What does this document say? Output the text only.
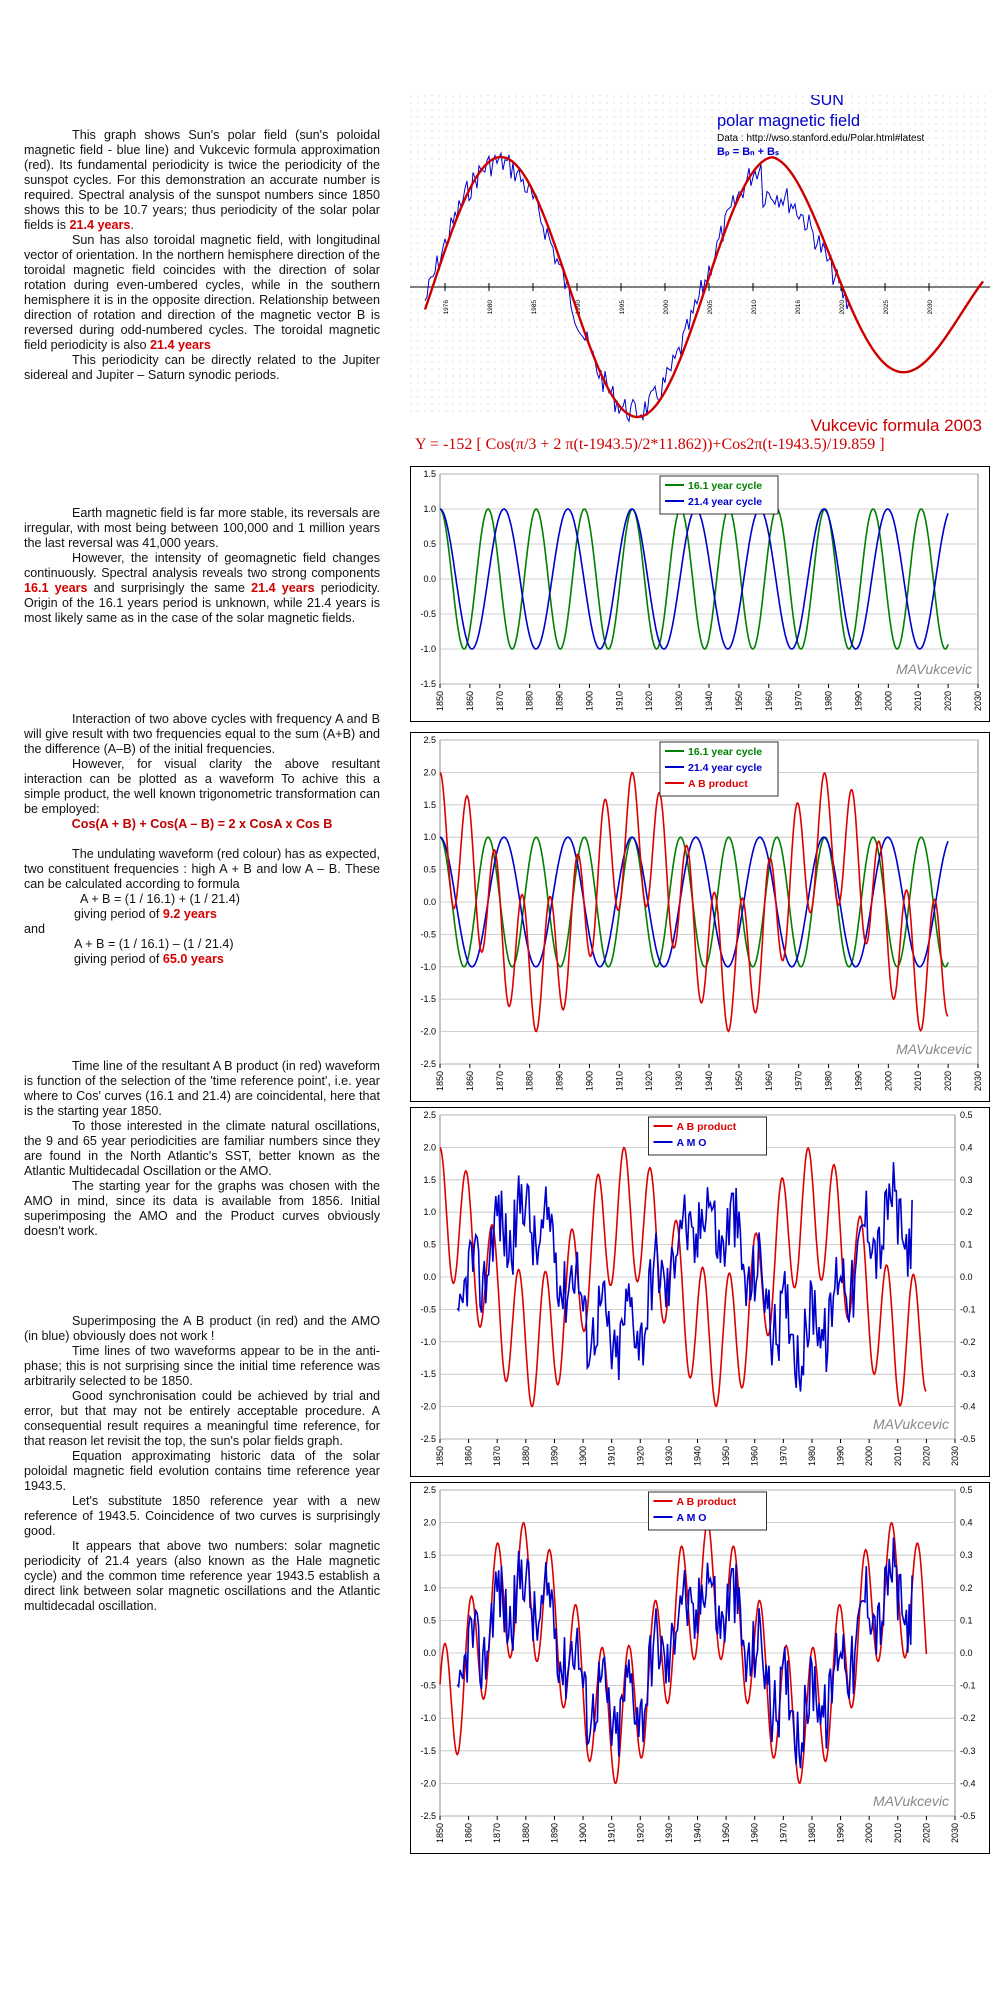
This graph shows Sun's polar field (sun's poloidal magnetic field - blue line) and Vukcevic formula approximation (red). Its fundamental periodicity is twice the periodicity of the sunspot cycles. For this demonstration an accurate number is required. Spectral analysis of the sunspot numbers since 1850 shows this to be 10.7 years; thus periodicity of the solar polar fields is 21.4 years.

Sun has also toroidal magnetic field, with longitudinal vector of orientation. In the northern hemisphere direction of the toroidal magnetic field coincides with the direction of solar rotation during even-umbered cycles, while in the southern hemisphere it is in the opposite direction. Relationship between direction of rotation and direction of the magnetic vector B is reversed during odd-numbered cycles. The toroidal magnetic field periodicity is also 21.4 years

This periodicity can be directly related to the Jupiter sidereal and Jupiter – Saturn synodic periods.

Earth magnetic field is far more stable, its reversals are irregular, with most being between 100,000 and 1 million years the last reversal was 41,000 years.

However, the intensity of geomagnetic field changes continuously. Spectral analysis reveals two strong components 16.1 years and surprisingly the same 21.4 years periodicity. Origin of the 16.1 years period is unknown, while 21.4 years is most likely same as in the case of the solar magnetic fields.

Interaction of two above cycles with frequency A and B will give result with two frequencies equal to the sum (A+B) and the difference (A–B) of the initial frequencies.

However, for visual clarity the above resultant interaction can be plotted as a waveform To achive this a simple product, the well known trigonometric transformation can be employed:

Cos(A + B) + Cos(A – B) = 2 x CosA x Cos B

The undulating waveform (red colour) has as expected, two constituent frequencies : high A + B and low A – B. These can be calculated according to formula

A + B = (1 / 16.1) + (1 / 21.4)

giving period of 9.2 years

and

A + B = (1 / 16.1) – (1 / 21.4)

giving period of 65.0 years

Time line of the resultant A B product (in red) waveform is function of the selection of the 'time reference point', i.e. year where to Cos' curves (16.1 and 21.4) are coincidental, here that is the starting year 1850.

To those interested in the climate natural oscillations, the 9 and 65 year periodicities are familiar numbers since they are found in the North Atlantic's SST, better known as the Atlantic Multidecadal Oscillation or the AMO.

The starting year for the graphs was chosen with the AMO in mind, since its data is available from 1856. Initial superimposing the AMO and the Product curves obviously doesn't work.

Superimposing the A B product (in red) and the AMO (in blue) obviously does not work !

Time lines of two waveforms appear to be in the anti-phase; this is not surprising since the initial time reference was arbitrarily selected to be 1850.

Good synchronisation could be achieved by trial and error, but that may not be entirely acceptable procedure. A consequential result requires a meaningful time reference, for that reason let revisit the top, the sun's polar fields graph.

Equation approximating historic data of the solar poloidal magnetic field evolution contains time reference year 1943.5.

Let's substitute 1850 reference year with a new reference of 1943.5. Coincidence of two curves is surprisingly good.

It appears that above two numbers: solar magnetic periodicity of 21.4 years (also known as the Hale magnetic cycle) and the common time reference year 1943.5 establish a direct link between solar magnetic oscillations and the Atlantic multidecadal oscillation.

1976	1980	1985	1990	1995	2000	2005	2010	2016	2020	2025	2030
SUN
polar magnetic field
Data : http://wso.stanford.edu/Polar.html#latest
Bₚ = Bₙ + Bₛ
Vukcevic formula 2003
Y = -152 [ Cos(π/3 + 2 π(t-1943.5)/2*11.862))+Cos2π(t-1943.5)/19.859 ]
1.5
1.0
0.5
0.0
-0.5
-1.0
-1.5
1850 1860 1870 1880 1890 1900 1910 1920 1930 1940 1950 1960 1970 1980 1990 2000 2010 2020 2030
16.1 year cycle
21.4 year cycle
MAVukcevic
2.5
2.0
1.5
1.0
0.5
0.0
-0.5
-1.0
-1.5
-2.0
-2.5
1850 1860 1870 1880 1890 1900 1910 1920 1930 1940 1950 1960 1970 1980 1990 2000 2010 2020 2030
16.1 year cycle
21.4 year cycle
A B product
MAVukcevic
2.5
2.0
1.5
1.0
0.5
0.0
-0.5
-1.0
-1.5
-2.0
-2.5
0.5
0.4
0.3
0.2
0.1
0.0
-0.1
-0.2
-0.3
-0.4
-0.5
1850 1860 1870 1880 1890 1900 1910 1920 1930 1940 1950 1960 1970 1980 1990 2000 2010 2020 2030
A B product
A M O
MAVukcevic
2.5
2.0
1.5
1.0
0.5
0.0
-0.5
-1.0
-1.5
-2.0
-2.5
0.5
0.4
0.3
0.2
0.1
0.0
-0.1
-0.2
-0.3
-0.4
-0.5
1850 1860 1870 1880 1890 1900 1910 1920 1930 1940 1950 1960 1970 1980 1990 2000 2010 2020 2030
A B product
A M O
MAVukcevic
